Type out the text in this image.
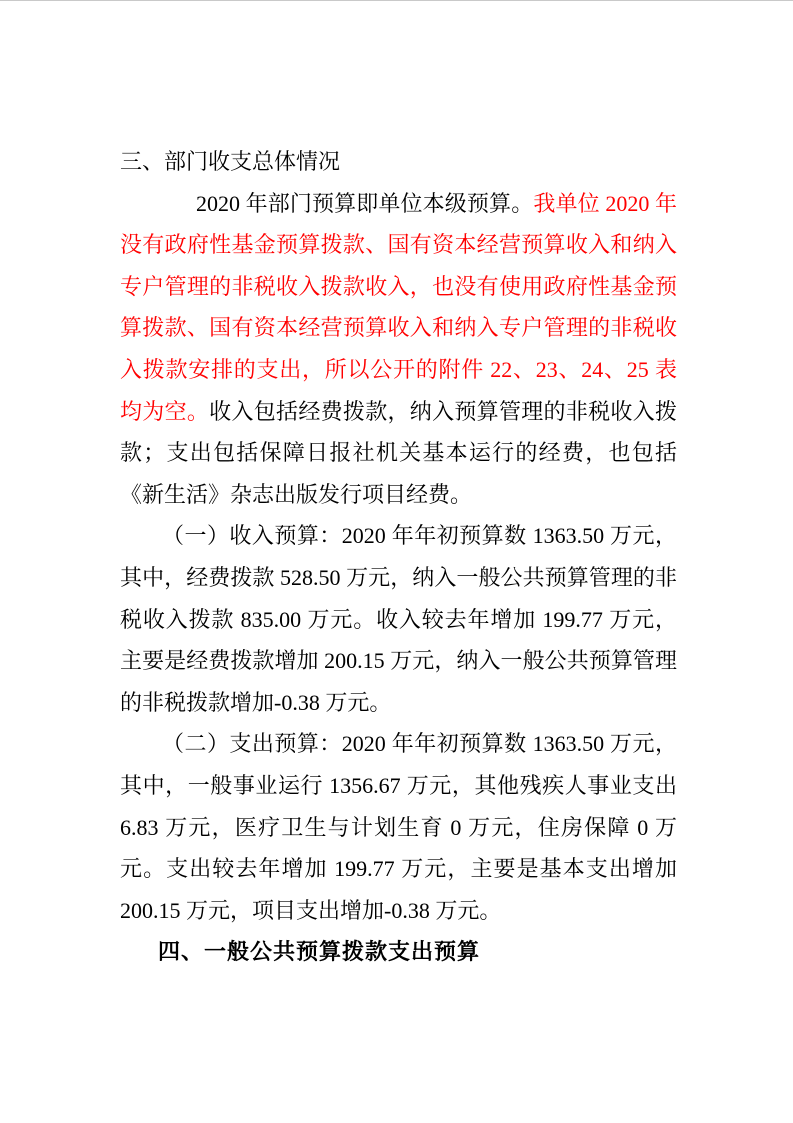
三、部门收支总体情况

2020 年部门预算即单位本级预算。我单位 2020 年没有政府性基金预算拨款、国有资本经营预算收入和纳入专户管理的非税收入拨款收入，也没有使用政府性基金预算拨款、国有资本经营预算收入和纳入专户管理的非税收入拨款安排的支出，所以公开的附件 22、23、24、25 表均为空。收入包括经费拨款，纳入预算管理的非税收入拨款；支出包括保障日报社机关基本运行的经费，也包括《新生活》杂志出版发行项目经费。

（一）收入预算：2020 年年初预算数 1363.50 万元，其中，经费拨款 528.50 万元，纳入一般公共预算管理的非税收入拨款 835.00 万元。收入较去年增加 199.77 万元，主要是经费拨款增加 200.15 万元，纳入一般公共预算管理的非税拨款增加-0.38 万元。

（二）支出预算：2020 年年初预算数 1363.50 万元，其中，一般事业运行 1356.67 万元，其他残疾人事业支出 6.83 万元，医疗卫生与计划生育 0 万元，住房保障 0 万元。支出较去年增加 199.77 万元，主要是基本支出增加 200.15 万元，项目支出增加-0.38 万元。

四、一般公共预算拨款支出预算
